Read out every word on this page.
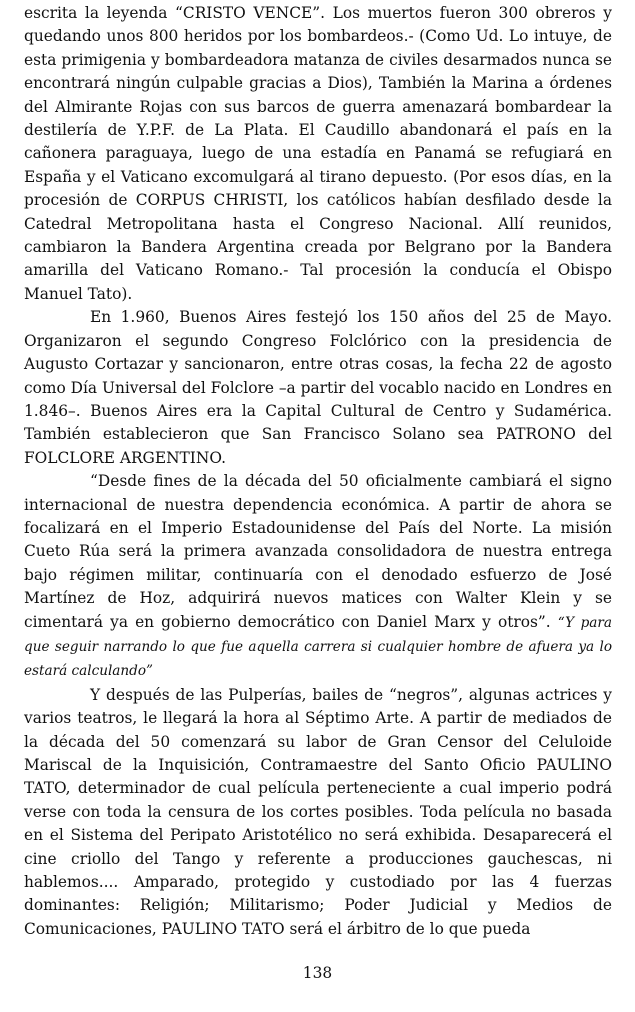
escrita la leyenda “CRISTO VENCE”. Los muertos fueron 300 obreros y quedando unos 800 heridos por los bombardeos.- (Como Ud. Lo intuye, de esta primigenia y bombardeadora matanza de civiles desarmados nunca se encontrará ningún culpable gracias a Dios), También la Marina a órdenes del Almirante Rojas con sus barcos de guerra amenazará bombardear la destilería de Y.P.F. de La Plata. El Caudillo abandonará el país en la cañonera paraguaya, luego de una estadía en Panamá se refugiará en España y el Vaticano excomulgará al tirano depuesto. (Por esos días, en la procesión de CORPUS CHRISTI, los católicos habían desfilado desde la Catedral Metropolitana hasta el Congreso Nacional. Allí reunidos, cambiaron la Bandera Argentina creada por Belgrano por la Bandera amarilla del Vaticano Romano.- Tal procesión la conducía el Obispo Manuel Tato).

En 1.960, Buenos Aires festejó los 150 años del 25 de Mayo. Organizaron el segundo Congreso Folclórico con la presidencia de Augusto Cortazar y sancionaron, entre otras cosas, la fecha 22 de agosto como Día Universal del Folclore –a partir del vocablo nacido en Londres en 1.846–. Buenos Aires era la Capital Cultural de Centro y Sudamérica. También establecieron que San Francisco Solano sea PATRONO del FOLCLORE ARGENTINO.

“Desde fines de la década del 50 oficialmente cambiará el signo internacional de nuestra dependencia económica. A partir de ahora se focalizará en el Imperio Estadounidense del País del Norte. La misión Cueto Rúa será la primera avanzada consolidadora de nuestra entrega bajo régimen militar, continuaría con el denodado esfuerzo de José Martínez de Hoz, adquirirá nuevos matices con Walter Klein y se cimentará ya en gobierno democrático con Daniel Marx y otros”. “Y para que seguir narrando lo que fue aquella carrera si cualquier hombre de afuera ya lo estará calculando”

Y después de las Pulperías, bailes de “negros”, algunas actrices y varios teatros, le llegará la hora al Séptimo Arte. A partir de mediados de la década del 50 comenzará su labor de Gran Censor del Celuloide Mariscal de la Inquisición, Contramaestre del Santo Oficio PAULINO TATO, determinador de cual película perteneciente a cual imperio podrá verse con toda la censura de los cortes posibles. Toda película no basada en el Sistema del Peripato Aristotélico no será exhibida. Desaparecerá el cine criollo del Tango y referente a producciones gauchescas, ni hablemos.... Amparado, protegido y custodiado por las 4 fuerzas dominantes: Religión; Militarismo; Poder Judicial y Medios de Comunicaciones, PAULINO TATO será el árbitro de lo que pueda

138
